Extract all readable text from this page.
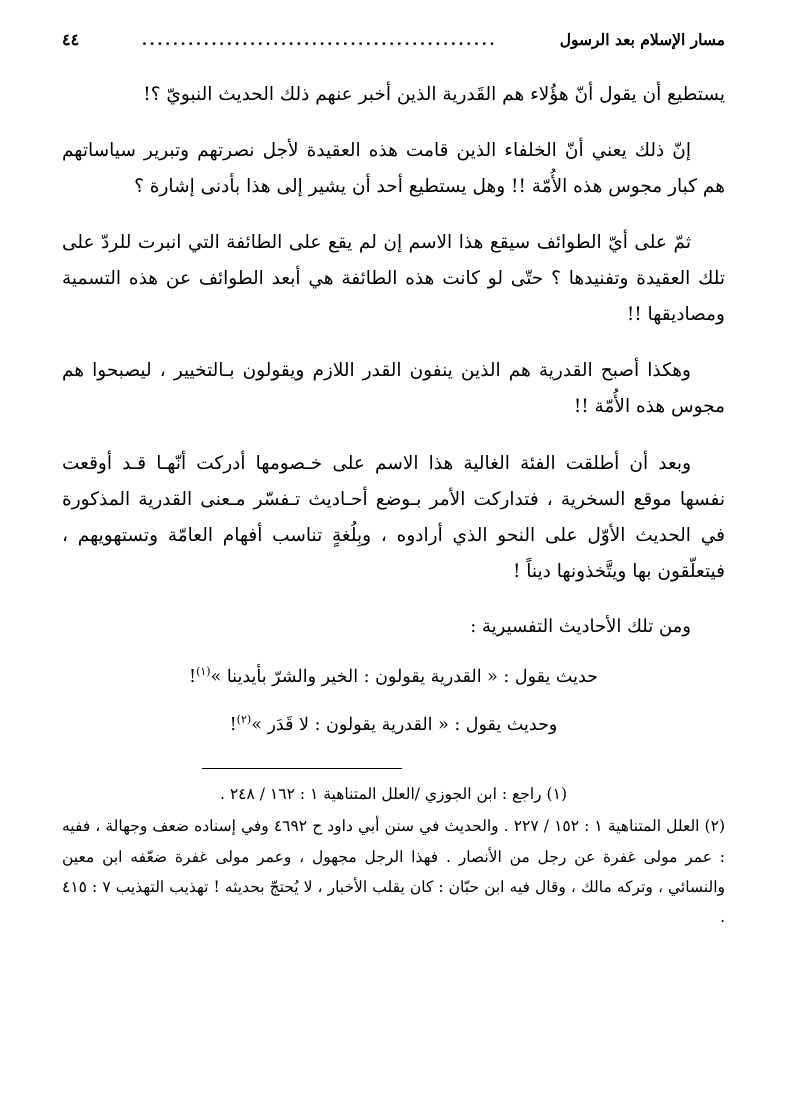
مسار الإسلام بعد الرسول
..............................................
٤٤

يستطيع أن يقول أنّ هؤُلاء هم القَدرية الذين أخبر عنهم ذلك الحديث النبويّ ؟!

إنّ ذلك يعني أنّ الخلفاء الذين قامت هذه العقيدة لأجل نصرتهم وتبرير سياساتهم هم كبار مجوس هذه الأُمّة !! وهل يستطيع أحد أن يشير إلى هذا بأدنى إشارة ؟

ثمّ على أيّ الطوائف سيقع هذا الاسم إن لم يقع على الطائفة التي انبرت للردّ على تلك العقيدة وتفنيدها ؟ حتّى لو كانت هذه الطائفة هي أبعد الطوائف عن هذه التسمية ومصاديقها !!

وهكذا أصبح القدرية هم الذين ينفون القدر اللازم ويقولون بـالتخيير ، ليصبحوا هم مجوس هذه الأُمّة !!

وبعد أن أطلقت الفئة الغالية هذا الاسم على خـصومها أدركت أنّهـا قـد أوقعت نفسها موقع السخرية ، فتداركت الأمر بـوضع أحـاديث تـفسّر مـعنى القدرية المذكورة في الحديث الأوّل على النحو الذي أرادوه ، وبِلُغةٍ تناسب أفهام العامّة وتستهويهم ، فيتعلّقون بها ويتَّخذونها ديناً !

ومن تلك الأحاديث التفسيرية :

حديث يقول : « القدرية يقولون : الخير والشرّ بأيدينا »$^{(١)}$!

وحديث يقول : « القدرية يقولون : لا قَدَر »$^{(٢)}$!

(١) راجع : ابن الجوزي /العلل المتناهية ١ : ١٦٢ / ٢٤٨ .

(٢) العلل المتناهية ١ : ١٥٢ / ٢٢٧ . والحديث في سنن أبي داود ح ٤٦٩٢ وفي إسناده ضعف وجهالة ، ففيه : عمر مولى غفرة عن رجل من الأنصار . فهذا الرجل مجهول ، وعمر مولى غفرة ضعّفه ابن معين والنسائي ، وتركه مالك ، وقال فيه ابن حبّان : كان يقلب الأخبار ، لا يُحتجّ بحديثه ! تهذيب التهذيب ٧ : ٤١٥ .
